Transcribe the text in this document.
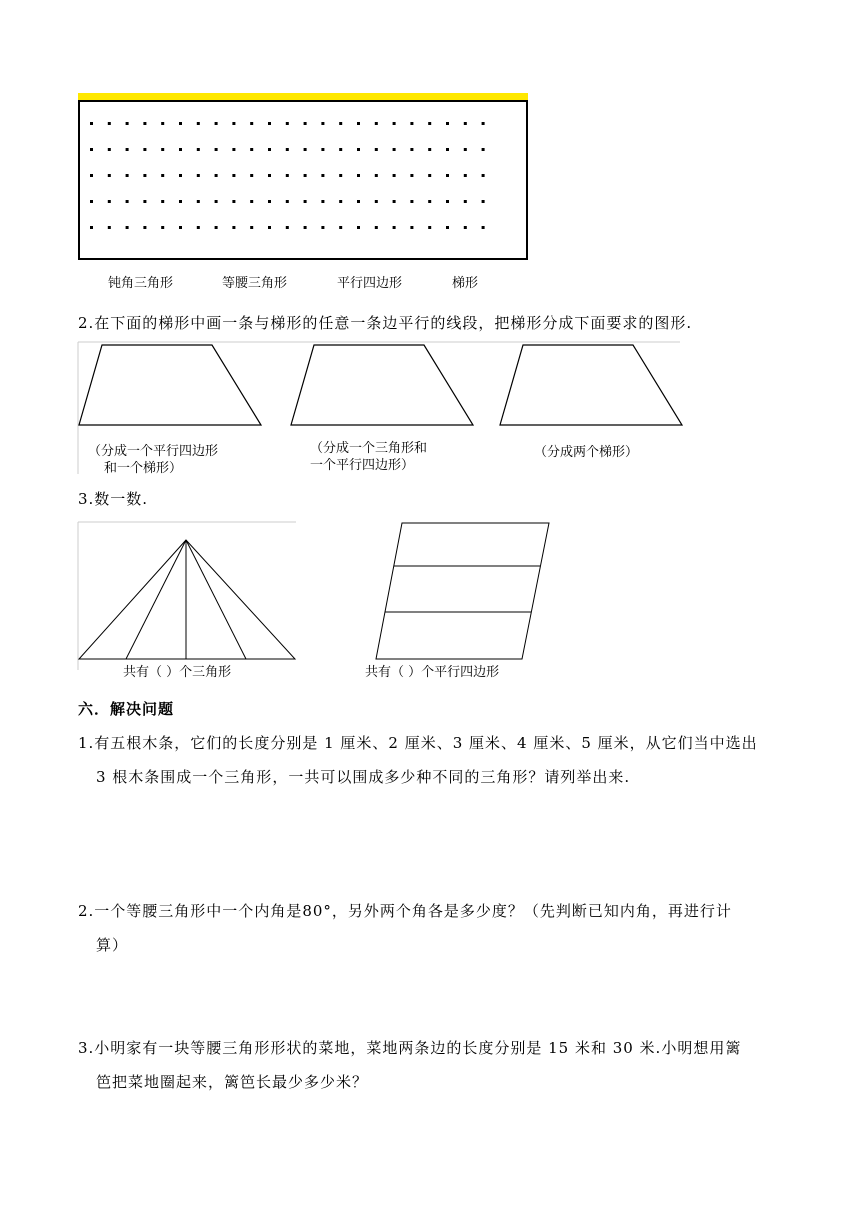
钝角三角形	等腰三角形	平行四边形	梯形
2.在下面的梯形中画一条与梯形的任意一条边平行的线段，把梯形分成下面要求的图形.
（分成一个平行四边形
和一个梯形）
（分成一个三角形和
一个平行四边形）
（分成两个梯形）
3.数一数.
共有（ ）个三角形	共有（ ）个平行四边形
六．解决问题
1.有五根木条，它们的长度分别是 1 厘米、2 厘米、3 厘米、4 厘米、5 厘米，从它们当中选出
3 根木条围成一个三角形，一共可以围成多少种不同的三角形？请列举出来.
2.一个等腰三角形中一个内角是80°，另外两个角各是多少度？（先判断已知内角，再进行计
算）
3.小明家有一块等腰三角形形状的菜地，菜地两条边的长度分别是 15 米和 30 米.小明想用篱
笆把菜地圈起来，篱笆长最少多少米？
